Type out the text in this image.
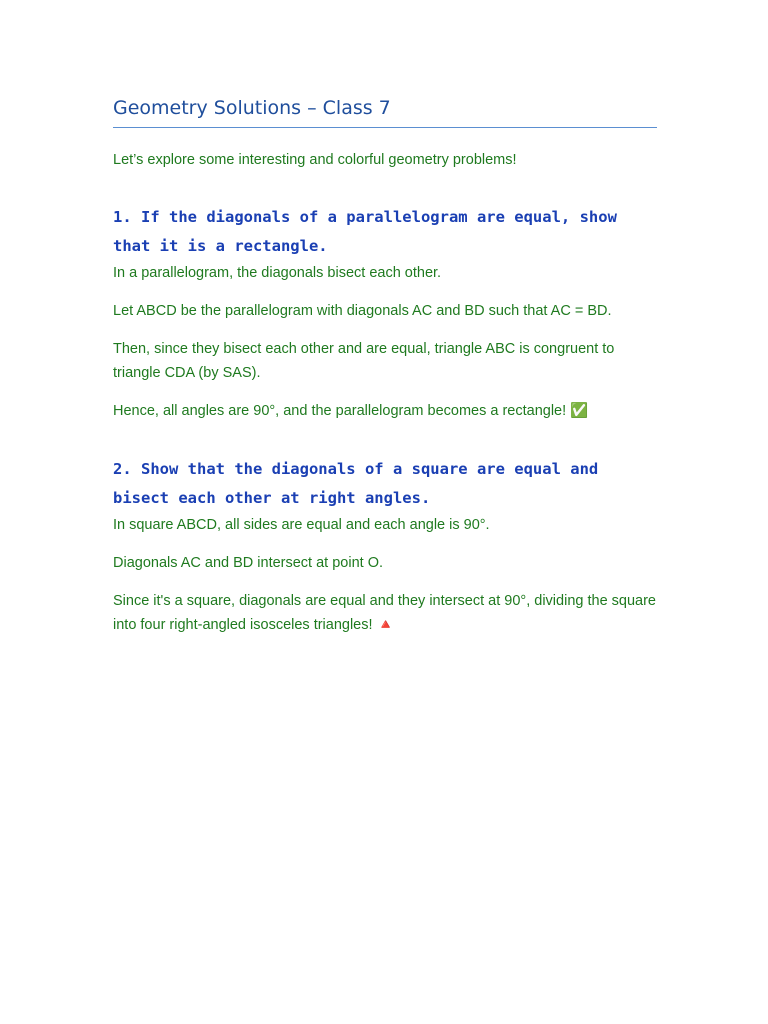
Geometry Solutions – Class 7

Let’s explore some interesting and colorful geometry problems!

1. If the diagonals of a parallelogram are equal, show that it is a rectangle.

In a parallelogram, the diagonals bisect each other.

Let ABCD be the parallelogram with diagonals AC and BD such that AC = BD.

Then, since they bisect each other and are equal, triangle ABC is congruent to triangle CDA (by SAS).

Hence, all angles are 90°, and the parallelogram becomes a rectangle! ✅

2. Show that the diagonals of a square are equal and bisect each other at right angles.

In square ABCD, all sides are equal and each angle is 90°.

Diagonals AC and BD intersect at point O.

Since it's a square, diagonals are equal and they intersect at 90°, dividing the square into four right-angled isosceles triangles! 🔺
